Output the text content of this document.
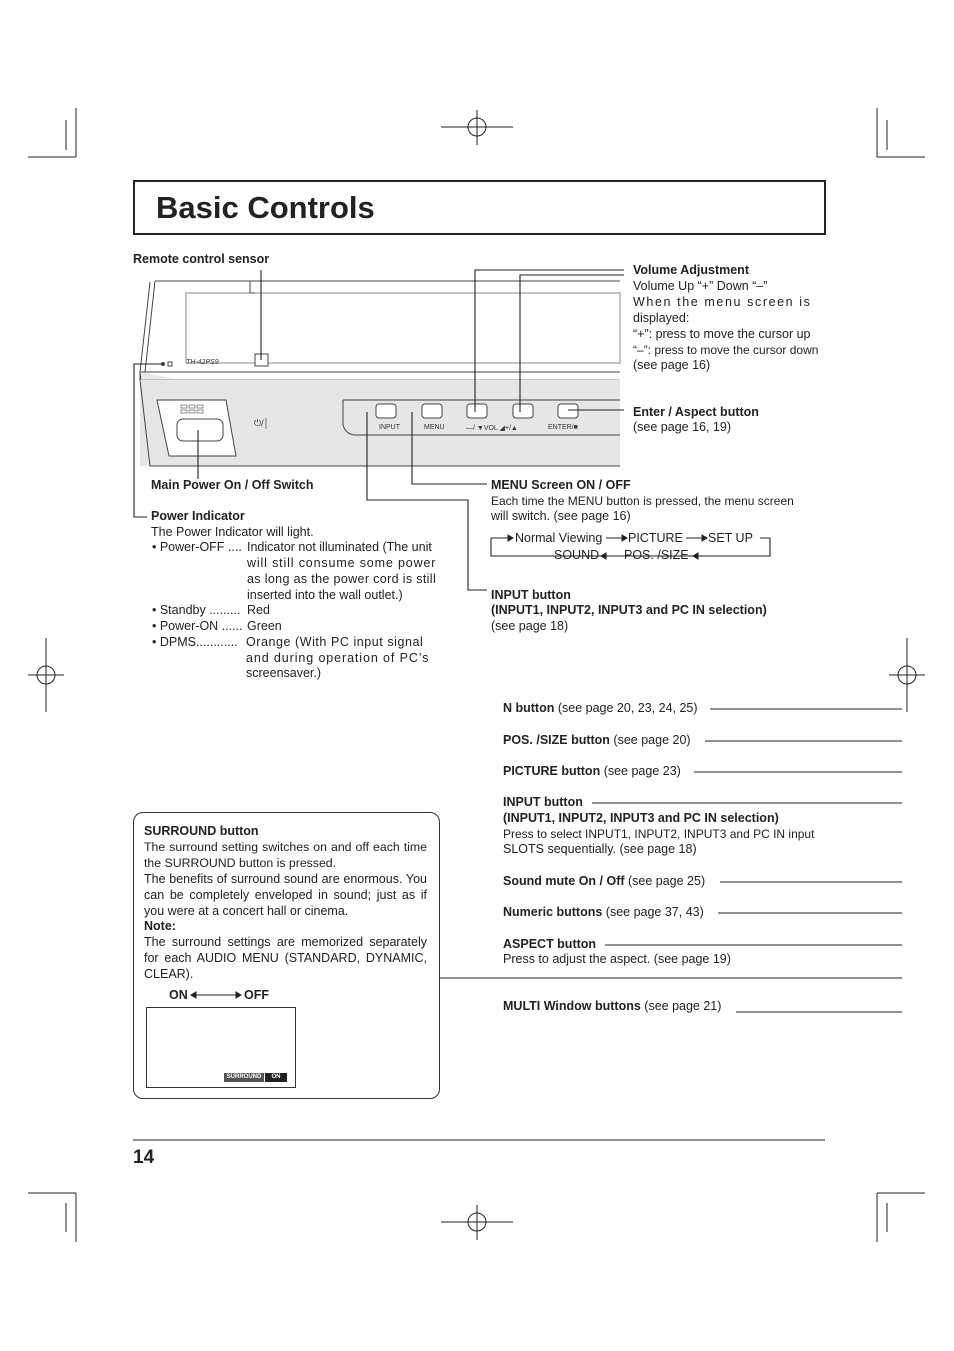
Basic Controls
TH-42PS9
⏻/│	INPUT	MENU	—/ ▼VOL ◢+/▲	ENTER/■
Remote control sensor
Volume Adjustment
Volume Up “+” Down “–”
When the menu screen is
displayed:
“+”: press to move the cursor up
“–”: press to move the cursor down
(see page 16)
Enter / Aspect button
(see page 16, 19)
Main Power On / Off Switch	MENU Screen ON / OFF
Each time the MENU button is pressed, the menu screen
will switch. (see page 16)
Normal Viewing PICTURE SET UP
SOUND POS. /SIZE
Power Indicator
The Power Indicator will light.
• Power-OFF .... Indicator not illuminated (The unit
will still consume some power
as long as the power cord is still
inserted into the wall outlet.)
• Standby ......... Red
• Power-ON ...... Green
• DPMS............ Orange (With PC input signal
and during operation of PC’s
screensaver.)
INPUT button
(INPUT1, INPUT2, INPUT3 and PC IN selection)
(see page 18)
N button (see page 20, 23, 24, 25)
POS. /SIZE button (see page 20)
PICTURE button (see page 23)
INPUT button
(INPUT1, INPUT2, INPUT3 and PC IN selection)
Press to select INPUT1, INPUT2, INPUT3 and PC IN input
SLOTS sequentially. (see page 18)
Sound mute On / Off (see page 25)
Numeric buttons (see page 37, 43)
ASPECT button
Press to adjust the aspect. (see page 19)
MULTI Window buttons (see page 21)
SURROUND button
The surround setting switches on and off each time the SURROUND button is pressed.
The benefits of surround sound are enormous. You can be completely enveloped in sound; just as if you were at a concert hall or cinema.
Note:
The surround settings are memorized separately for each AUDIO MENU (STANDARD, DYNAMIC, CLEAR).
ON	OFF
SURROUND	ON
14
